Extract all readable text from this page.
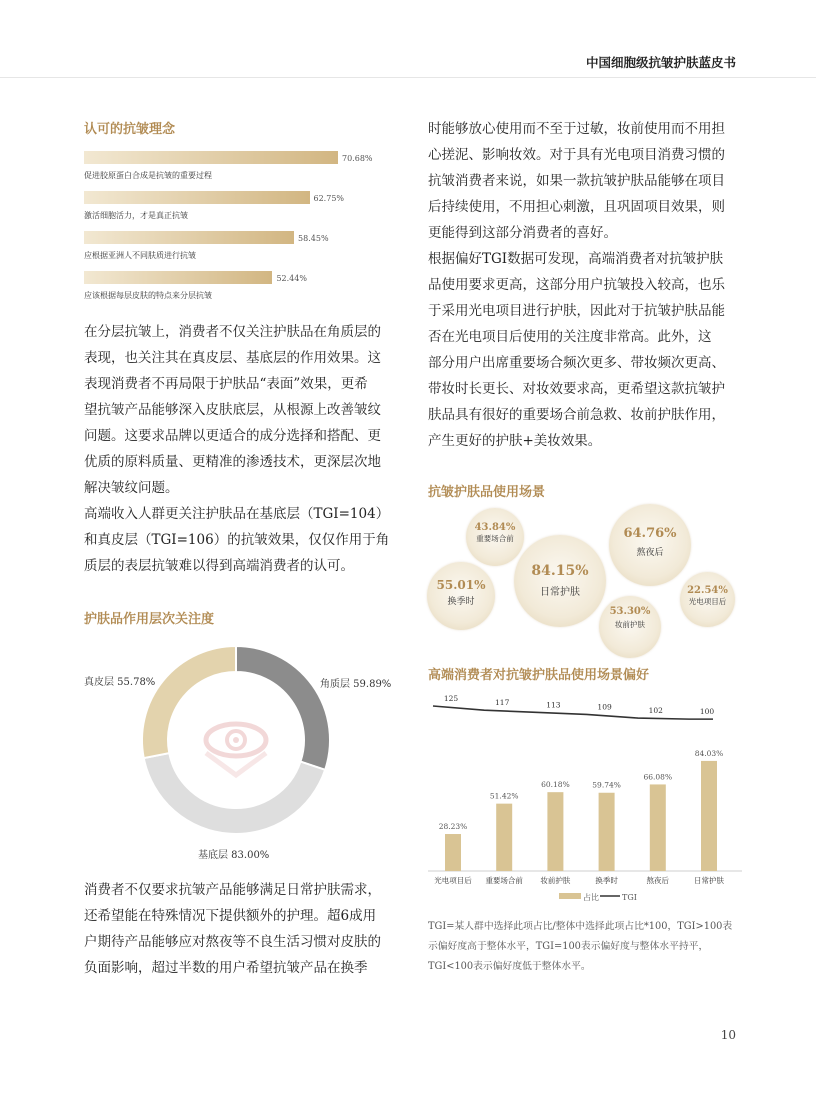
中国细胞级抗皱护肤蓝皮书
认可的抗皱理念
70.68%
促进胶原蛋白合成是抗皱的重要过程
62.75%
激活细胞活力，才是真正抗皱
58.45%
应根据亚洲人不同肤质进行抗皱
52.44%
应该根据每层皮肤的特点来分层抗皱

在分层抗皱上，消费者不仅关注护肤品在角质层的

表现，也关注其在真皮层、基底层的作用效果。这

表现消费者不再局限于护肤品“表面”效果，更希

望抗皱产品能够深入皮肤底层，从根源上改善皱纹

问题。这要求品牌以更适合的成分选择和搭配、更

优质的原料质量、更精准的渗透技术，更深层次地

解决皱纹问题。

高端收入人群更关注护肤品在基底层（TGI=104）

和真皮层（TGI=106）的抗皱效果，仅仅作用于角

质层的表层抗皱难以得到高端消费者的认可。

护肤品作用层次关注度
角质层 59.89%
基底层 83.00%
真皮层 55.78%

消费者不仅要求抗皱产品能够满足日常护肤需求，

还希望能在特殊情况下提供额外的护理。超6成用

户期待产品能够应对熬夜等不良生活习惯对皮肤的

负面影响，超过半数的用户希望抗皱产品在换季

时能够放心使用而不至于过敏，妆前使用而不用担

心搓泥、影响妆效。对于具有光电项目消费习惯的

抗皱消费者来说，如果一款抗皱护肤品能够在项目

后持续使用，不用担心刺激，且巩固项目效果，则

更能得到这部分消费者的喜好。

根据偏好TGI数据可发现，高端消费者对抗皱护肤

品使用要求更高，这部分用户抗皱投入较高，也乐

于采用光电项目进行护肤，因此对于抗皱护肤品能

否在光电项目后使用的关注度非常高。此外，这

部分用户出席重要场合频次更多、带妆频次更高、

带妆时长更长、对妆效要求高，更希望这款抗皱护

肤品具有很好的重要场合前急救、妆前护肤作用，

产生更好的护肤+美妆效果。

抗皱护肤品使用场景
43.84%
重要场合前	64.76%
熬夜后
84.15%
日常护肤
55.01%
换季时
22.54%
光电项目后
53.30%
妆前护肤
高端消费者对抗皱护肤品使用场景偏好
28.23%
光电项目后
125
51.42%
重要场合前
117
60.18%
妆前护肤
113
59.74%
换季时
109
66.08%
熬夜后
102
84.03%
日常护肤
100
占比	TGI
TGI=某人群中选择此项占比/整体中选择此项占比*100，TGI>100表
示偏好度高于整体水平，TGI=100表示偏好度与整体水平持平，
TGI<100表示偏好度低于整体水平。
10
